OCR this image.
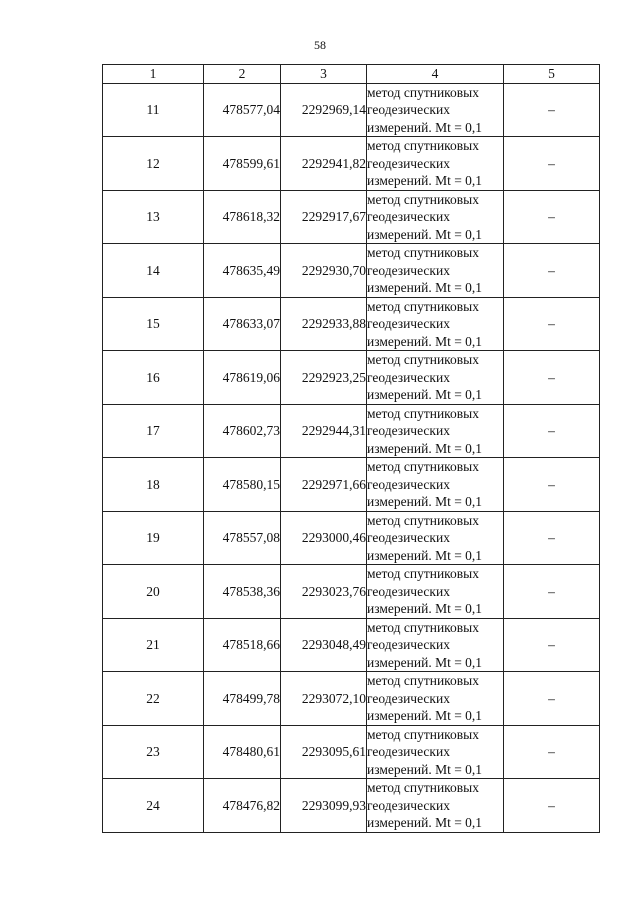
58
1	2	3	4	5
11	478577,04	2292969,14	метод спутниковых
геодезических
измерений. Mt = 0,1	–
12	478599,61	2292941,82	метод спутниковых
геодезических
измерений. Mt = 0,1	–
13	478618,32	2292917,67	метод спутниковых
геодезических
измерений. Mt = 0,1	–
14	478635,49	2292930,70	метод спутниковых
геодезических
измерений. Mt = 0,1	–
15	478633,07	2292933,88	метод спутниковых
геодезических
измерений. Mt = 0,1	–
16	478619,06	2292923,25	метод спутниковых
геодезических
измерений. Mt = 0,1	–
17	478602,73	2292944,31	метод спутниковых
геодезических
измерений. Mt = 0,1	–
18	478580,15	2292971,66	метод спутниковых
геодезических
измерений. Mt = 0,1	–
19	478557,08	2293000,46	метод спутниковых
геодезических
измерений. Mt = 0,1	–
20	478538,36	2293023,76	метод спутниковых
геодезических
измерений. Mt = 0,1	–
21	478518,66	2293048,49	метод спутниковых
геодезических
измерений. Mt = 0,1	–
22	478499,78	2293072,10	метод спутниковых
геодезических
измерений. Mt = 0,1	–
23	478480,61	2293095,61	метод спутниковых
геодезических
измерений. Mt = 0,1	–
24	478476,82	2293099,93	метод спутниковых
геодезических
измерений. Mt = 0,1	–
